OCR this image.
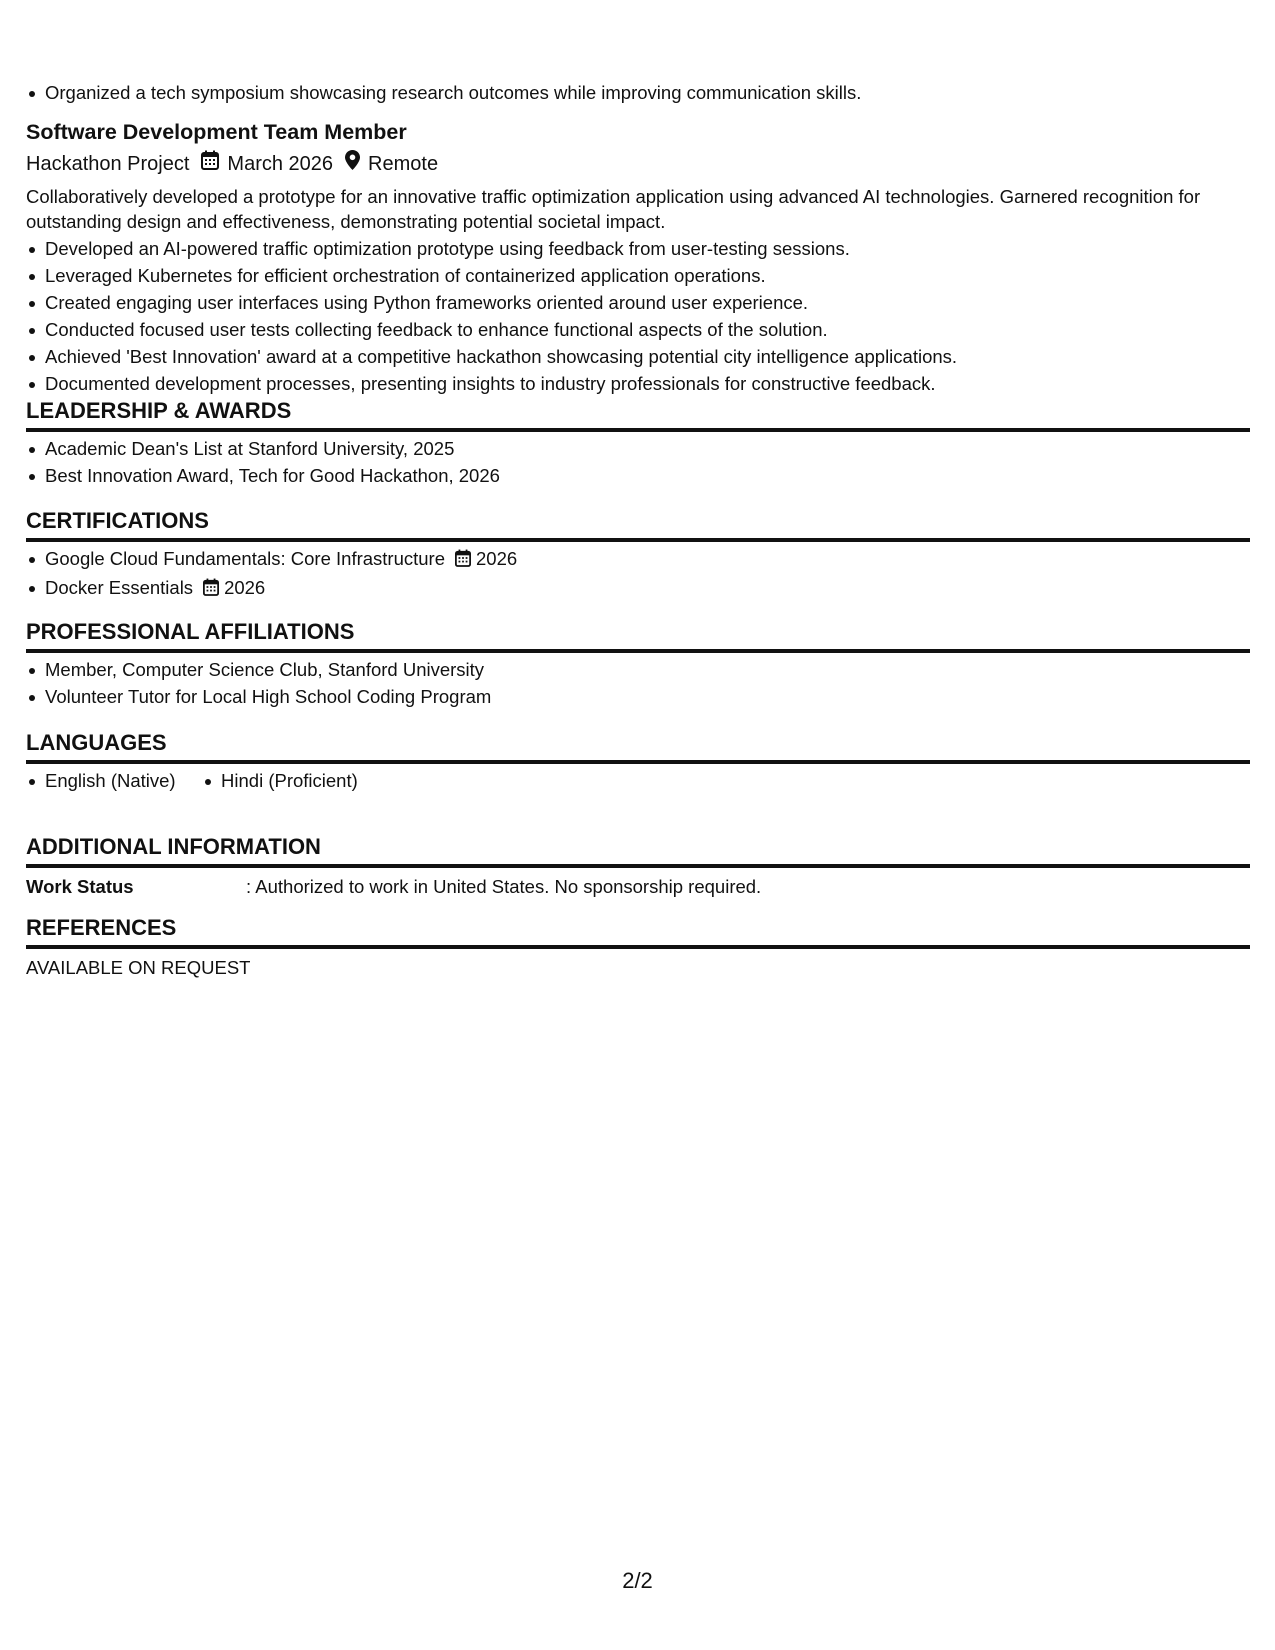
Organized a tech symposium showcasing research outcomes while improving communication skills.
Software Development Team Member
Hackathon Project March 2026 Remote
Collaboratively developed a prototype for an innovative traffic optimization application using advanced AI technologies. Garnered recognition for outstanding design and effectiveness, demonstrating potential societal impact.
Developed an AI-powered traffic optimization prototype using feedback from user-testing sessions.
Leveraged Kubernetes for efficient orchestration of containerized application operations.
Created engaging user interfaces using Python frameworks oriented around user experience.
Conducted focused user tests collecting feedback to enhance functional aspects of the solution.
Achieved 'Best Innovation' award at a competitive hackathon showcasing potential city intelligence applications.
Documented development processes, presenting insights to industry professionals for constructive feedback.
LEADERSHIP & AWARDS
Academic Dean's List at Stanford University, 2025
Best Innovation Award, Tech for Good Hackathon, 2026
CERTIFICATIONS
Google Cloud Fundamentals: Core Infrastructure 2026
Docker Essentials 2026
PROFESSIONAL AFFILIATIONS
Member, Computer Science Club, Stanford University
Volunteer Tutor for Local High School Coding Program
LANGUAGES
English (Native) Hindi (Proficient)
ADDITIONAL INFORMATION
Work Status	: Authorized to work in United States. No sponsorship required.
REFERENCES
AVAILABLE ON REQUEST
2/2
